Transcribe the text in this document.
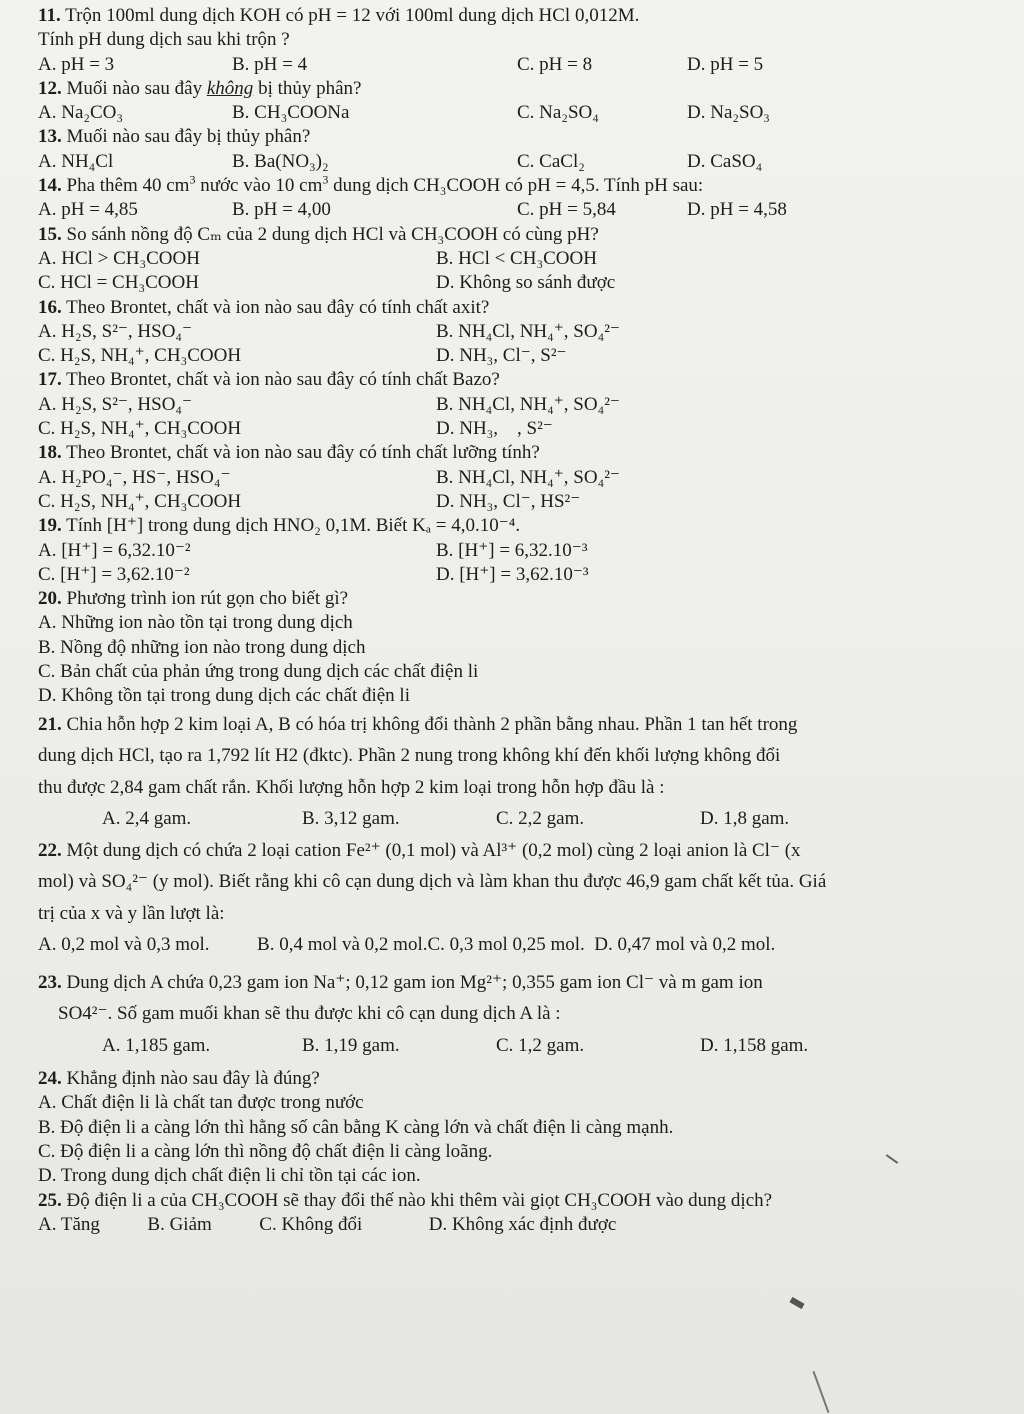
11. Trộn 100ml dung dịch KOH có pH = 12 với 100ml dung dịch HCl 0,012M.
Tính pH dung dịch sau khi trộn ?
A. pH = 3	B. pH = 4	C. pH = 8	D. pH = 5
12. Muối nào sau đây không bị thủy phân?
A. Na₂CO₃	B. CH₃COONa	C. Na₂SO₄	D. Na₂SO₃
13. Muối nào sau đây bị thủy phân?
A. NH₄Cl	B. Ba(NO₃)₂	C. CaCl₂	D. CaSO₄
14. Pha thêm 40 $cm^3$ nước vào 10 $cm^3$ dung dịch CH₃COOH có pH = 4,5. Tính pH sau:
A. pH = 4,85	B. pH = 4,00	C. pH = 5,84	D. pH = 4,58
15. So sánh nồng độ Cₘ của 2 dung dịch HCl và CH₃COOH có cùng pH?
A. HCl > CH₃COOH	B. HCl < CH₃COOH
C. HCl = CH₃COOH	D. Không so sánh được
16. Theo Brontet, chất và ion nào sau đây có tính chất axit?
A. H₂S, S²⁻, HSO₄⁻	B. NH₄Cl, NH₄⁺, SO₄²⁻
C. H₂S, NH₄⁺, CH₃COOH	D. NH₃, Cl⁻, S²⁻
17. Theo Brontet, chất và ion nào sau đây có tính chất Bazo?
A. H₂S, S²⁻, HSO₄⁻	B. NH₄Cl, NH₄⁺, SO₄²⁻
C. H₂S, NH₄⁺, CH₃COOH	D. NH₃,    , S²⁻
18. Theo Brontet, chất và ion nào sau đây có tính chất lưỡng tính?
A. H₂PO₄⁻, HS⁻, HSO₄⁻	B. NH₄Cl, NH₄⁺, SO₄²⁻
C. H₂S, NH₄⁺, CH₃COOH	D. NH₃, Cl⁻, HS²⁻
19. Tính [H⁺] trong dung dịch HNO₂ 0,1M. Biết Kₐ = 4,0.10⁻⁴.
A. [H⁺] = 6,32.10⁻²	B. [H⁺] = 6,32.10⁻³
C. [H⁺] = 3,62.10⁻²	D. [H⁺] = 3,62.10⁻³
20. Phương trình ion rút gọn cho biết gì?
A. Những ion nào tồn tại trong dung dịch
B. Nồng độ những ion nào trong dung dịch
C. Bản chất của phản ứng trong dung dịch các chất điện li
D. Không tồn tại trong dung dịch các chất điện li
21. Chia hỗn hợp 2 kim loại A, B có hóa trị không đổi thành 2 phần bằng nhau. Phần 1 tan hết trong
dung dịch HCl, tạo ra 1,792 lít H2 (đktc). Phần 2 nung trong không khí đến khối lượng không đổi
thu được 2,84 gam chất rắn. Khối lượng hỗn hợp 2 kim loại trong hỗn hợp đầu là :
A. 2,4 gam.	B. 3,12 gam.	C. 2,2 gam.	D. 1,8 gam.
22. Một dung dịch có chứa 2 loại cation Fe²⁺ (0,1 mol) và Al³⁺ (0,2 mol) cùng 2 loại anion là Cl⁻ (x
mol) và SO₄²⁻ (y mol). Biết rằng khi cô cạn dung dịch và làm khan thu được 46,9 gam chất kết tủa. Giá
trị của x và y lần lượt là:
A. 0,2 mol và 0,3 mol.          B. 0,4 mol và 0,2 mol.C. 0,3 mol 0,25 mol.  D. 0,47 mol và 0,2 mol.
23. Dung dịch A chứa 0,23 gam ion Na⁺; 0,12 gam ion Mg²⁺; 0,355 gam ion Cl⁻ và m gam ion
SO4²⁻. Số gam muối khan sẽ thu được khi cô cạn dung dịch A là :
A. 1,185 gam.	B. 1,19 gam.	C. 1,2 gam.	D. 1,158 gam.
24. Khẳng định nào sau đây là đúng?
A. Chất điện li là chất tan được trong nước
B. Độ điện li a càng lớn thì hằng số cân bằng K càng lớn và chất điện li càng mạnh.
C. Độ điện li a càng lớn thì nồng độ chất điện li càng loãng.
D. Trong dung dịch chất điện li chỉ tồn tại các ion.
25. Độ điện li a của CH₃COOH sẽ thay đổi thế nào khi thêm vài giọt CH₃COOH vào dung dịch?
A. Tăng          B. Giảm          C. Không đổi              D. Không xác định được
